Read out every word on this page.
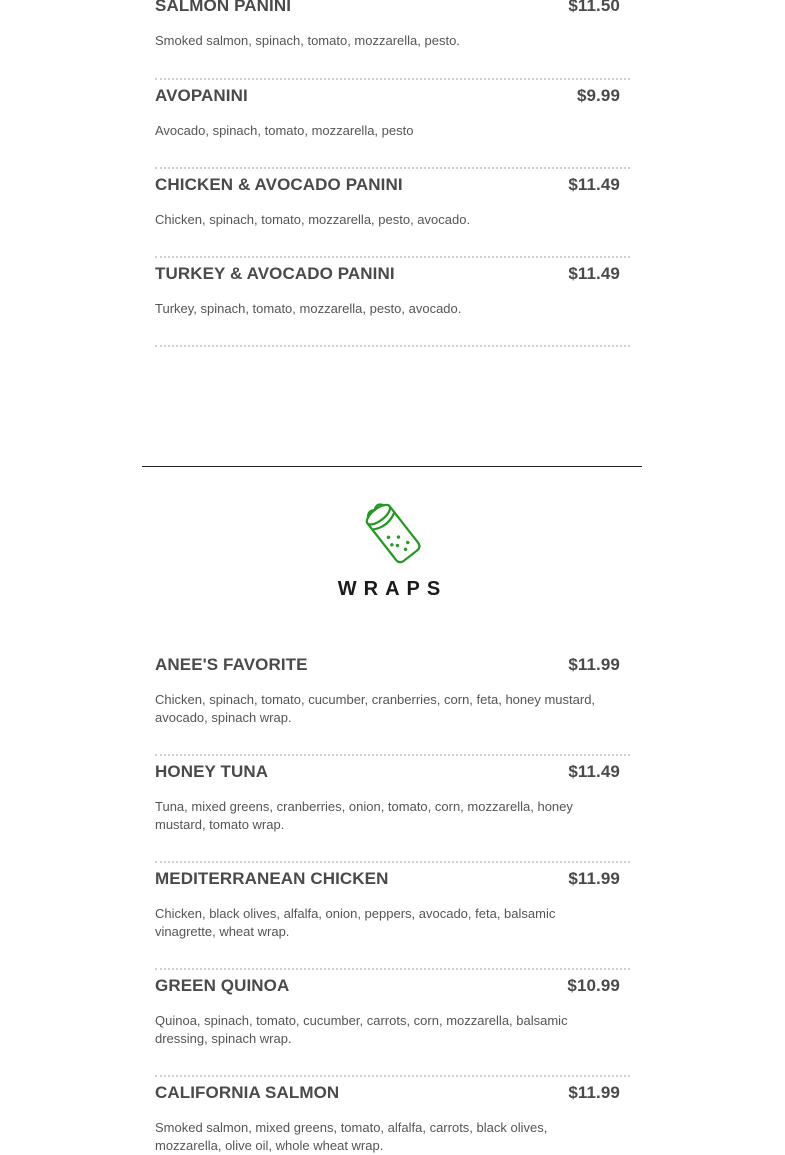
SALMON PANINI	$11.50
Smoked salmon, spinach, tomato, mozzarella, pesto.
AVOPANINI	$9.99
Avocado, spinach, tomato, mozzarella, pesto
CHICKEN & AVOCADO PANINI	$11.49
Chicken, spinach, tomato, mozzarella, pesto, avocado.
TURKEY & AVOCADO PANINI	$11.49
Turkey, spinach, tomato, mozzarella, pesto, avocado.
WRAPS
ANEE'S FAVORITE	$11.99
Chicken, spinach, tomato, cucumber, cranberries, corn, feta, honey mustard, avocado, spinach wrap.
HONEY TUNA	$11.49
Tuna, mixed greens, cranberries, onion, tomato, corn, mozzarella, honey mustard, tomato wrap.
MEDITERRANEAN CHICKEN	$11.99
Chicken, black olives, alfalfa, onion, peppers, avocado, feta, balsamic vinagrette, wheat wrap.
GREEN QUINOA	$10.99
Quinoa, spinach, tomato, cucumber, carrots, corn, mozzarella, balsamic dressing, spinach wrap.
CALIFORNIA SALMON	$11.99
Smoked salmon, mixed greens, tomato, alfalfa, carrots, black olives, mozzarella, olive oil, whole wheat wrap.
